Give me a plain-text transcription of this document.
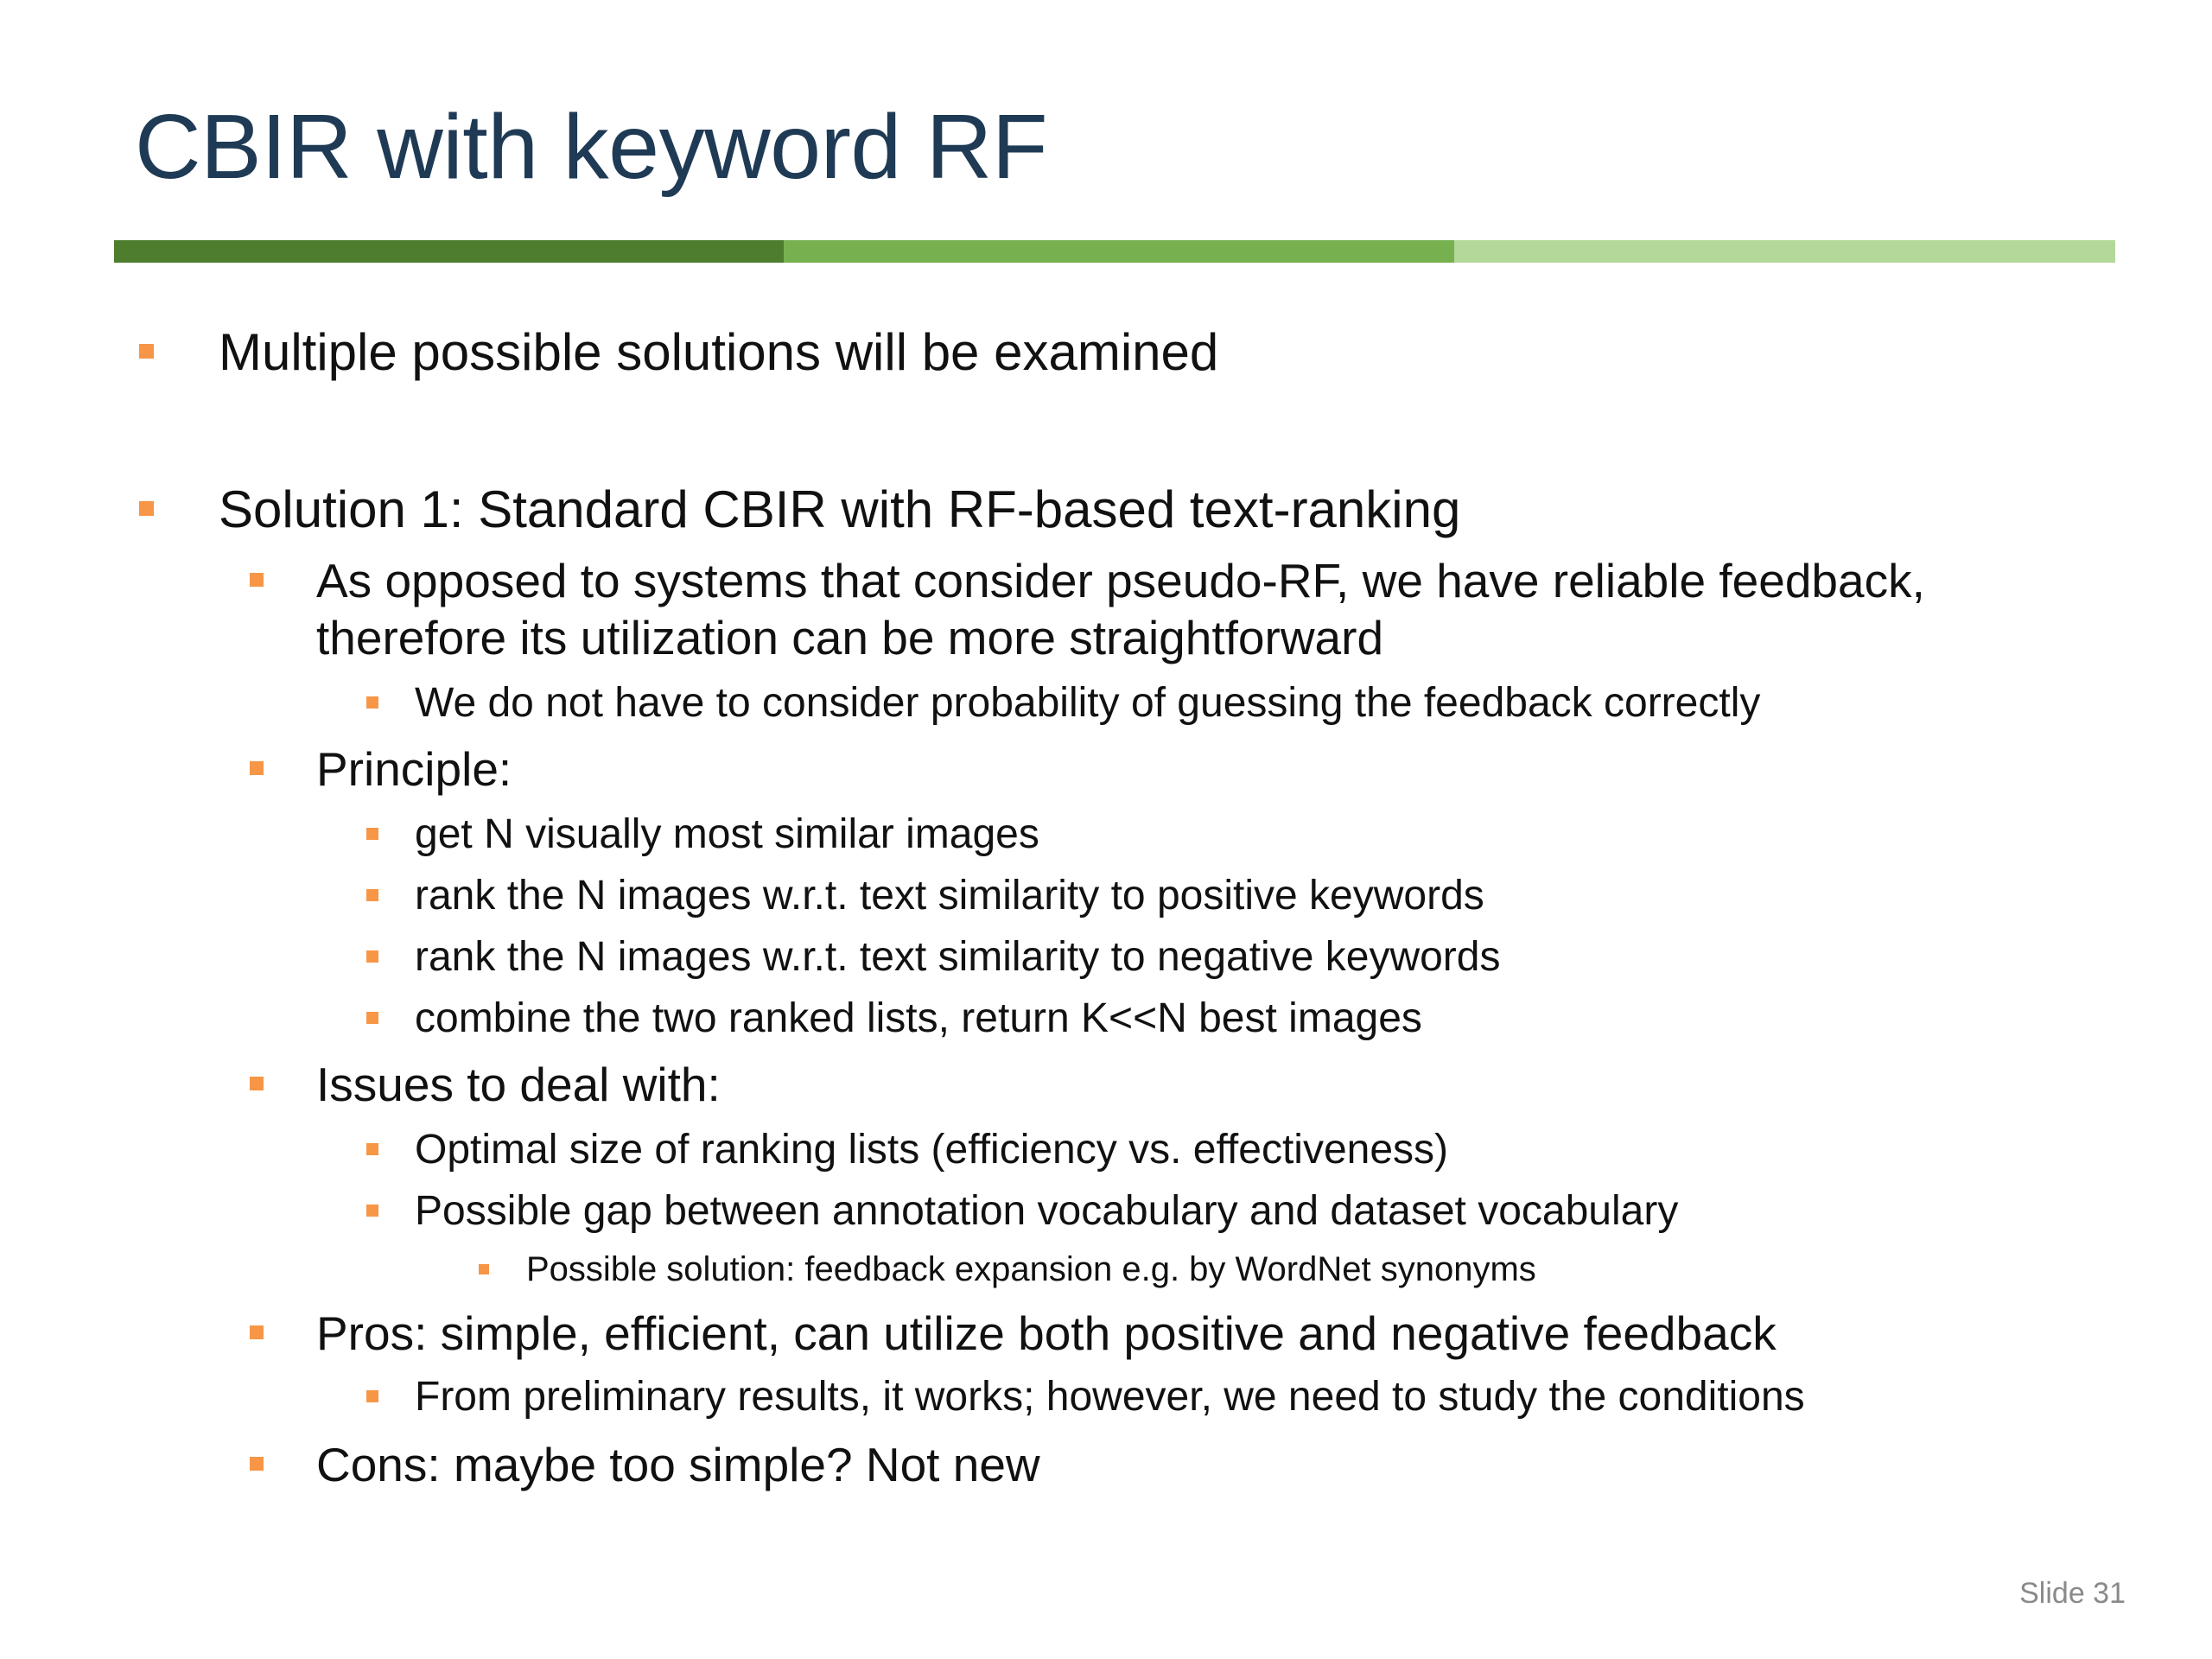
CBIR with keyword RF
Multiple possible solutions will be examined
Solution 1: Standard CBIR with RF-based text-ranking
As opposed to systems that consider pseudo-RF, we have reliable feedback,
therefore its utilization can be more straightforward
We do not have to consider probability of guessing the feedback correctly
Principle:
get N visually most similar images
rank the N images w.r.t. text similarity to positive keywords
rank the N images w.r.t. text similarity to negative keywords
combine the two ranked lists, return K<<N best images
Issues to deal with:
Optimal size of ranking lists (efficiency vs. effectiveness)
Possible gap between annotation vocabulary and dataset vocabulary
Possible solution: feedback expansion e.g. by WordNet synonyms
Pros: simple, efficient, can utilize both positive and negative feedback
From preliminary results, it works; however, we need to study the conditions
Cons: maybe too simple? Not new
Slide 31
